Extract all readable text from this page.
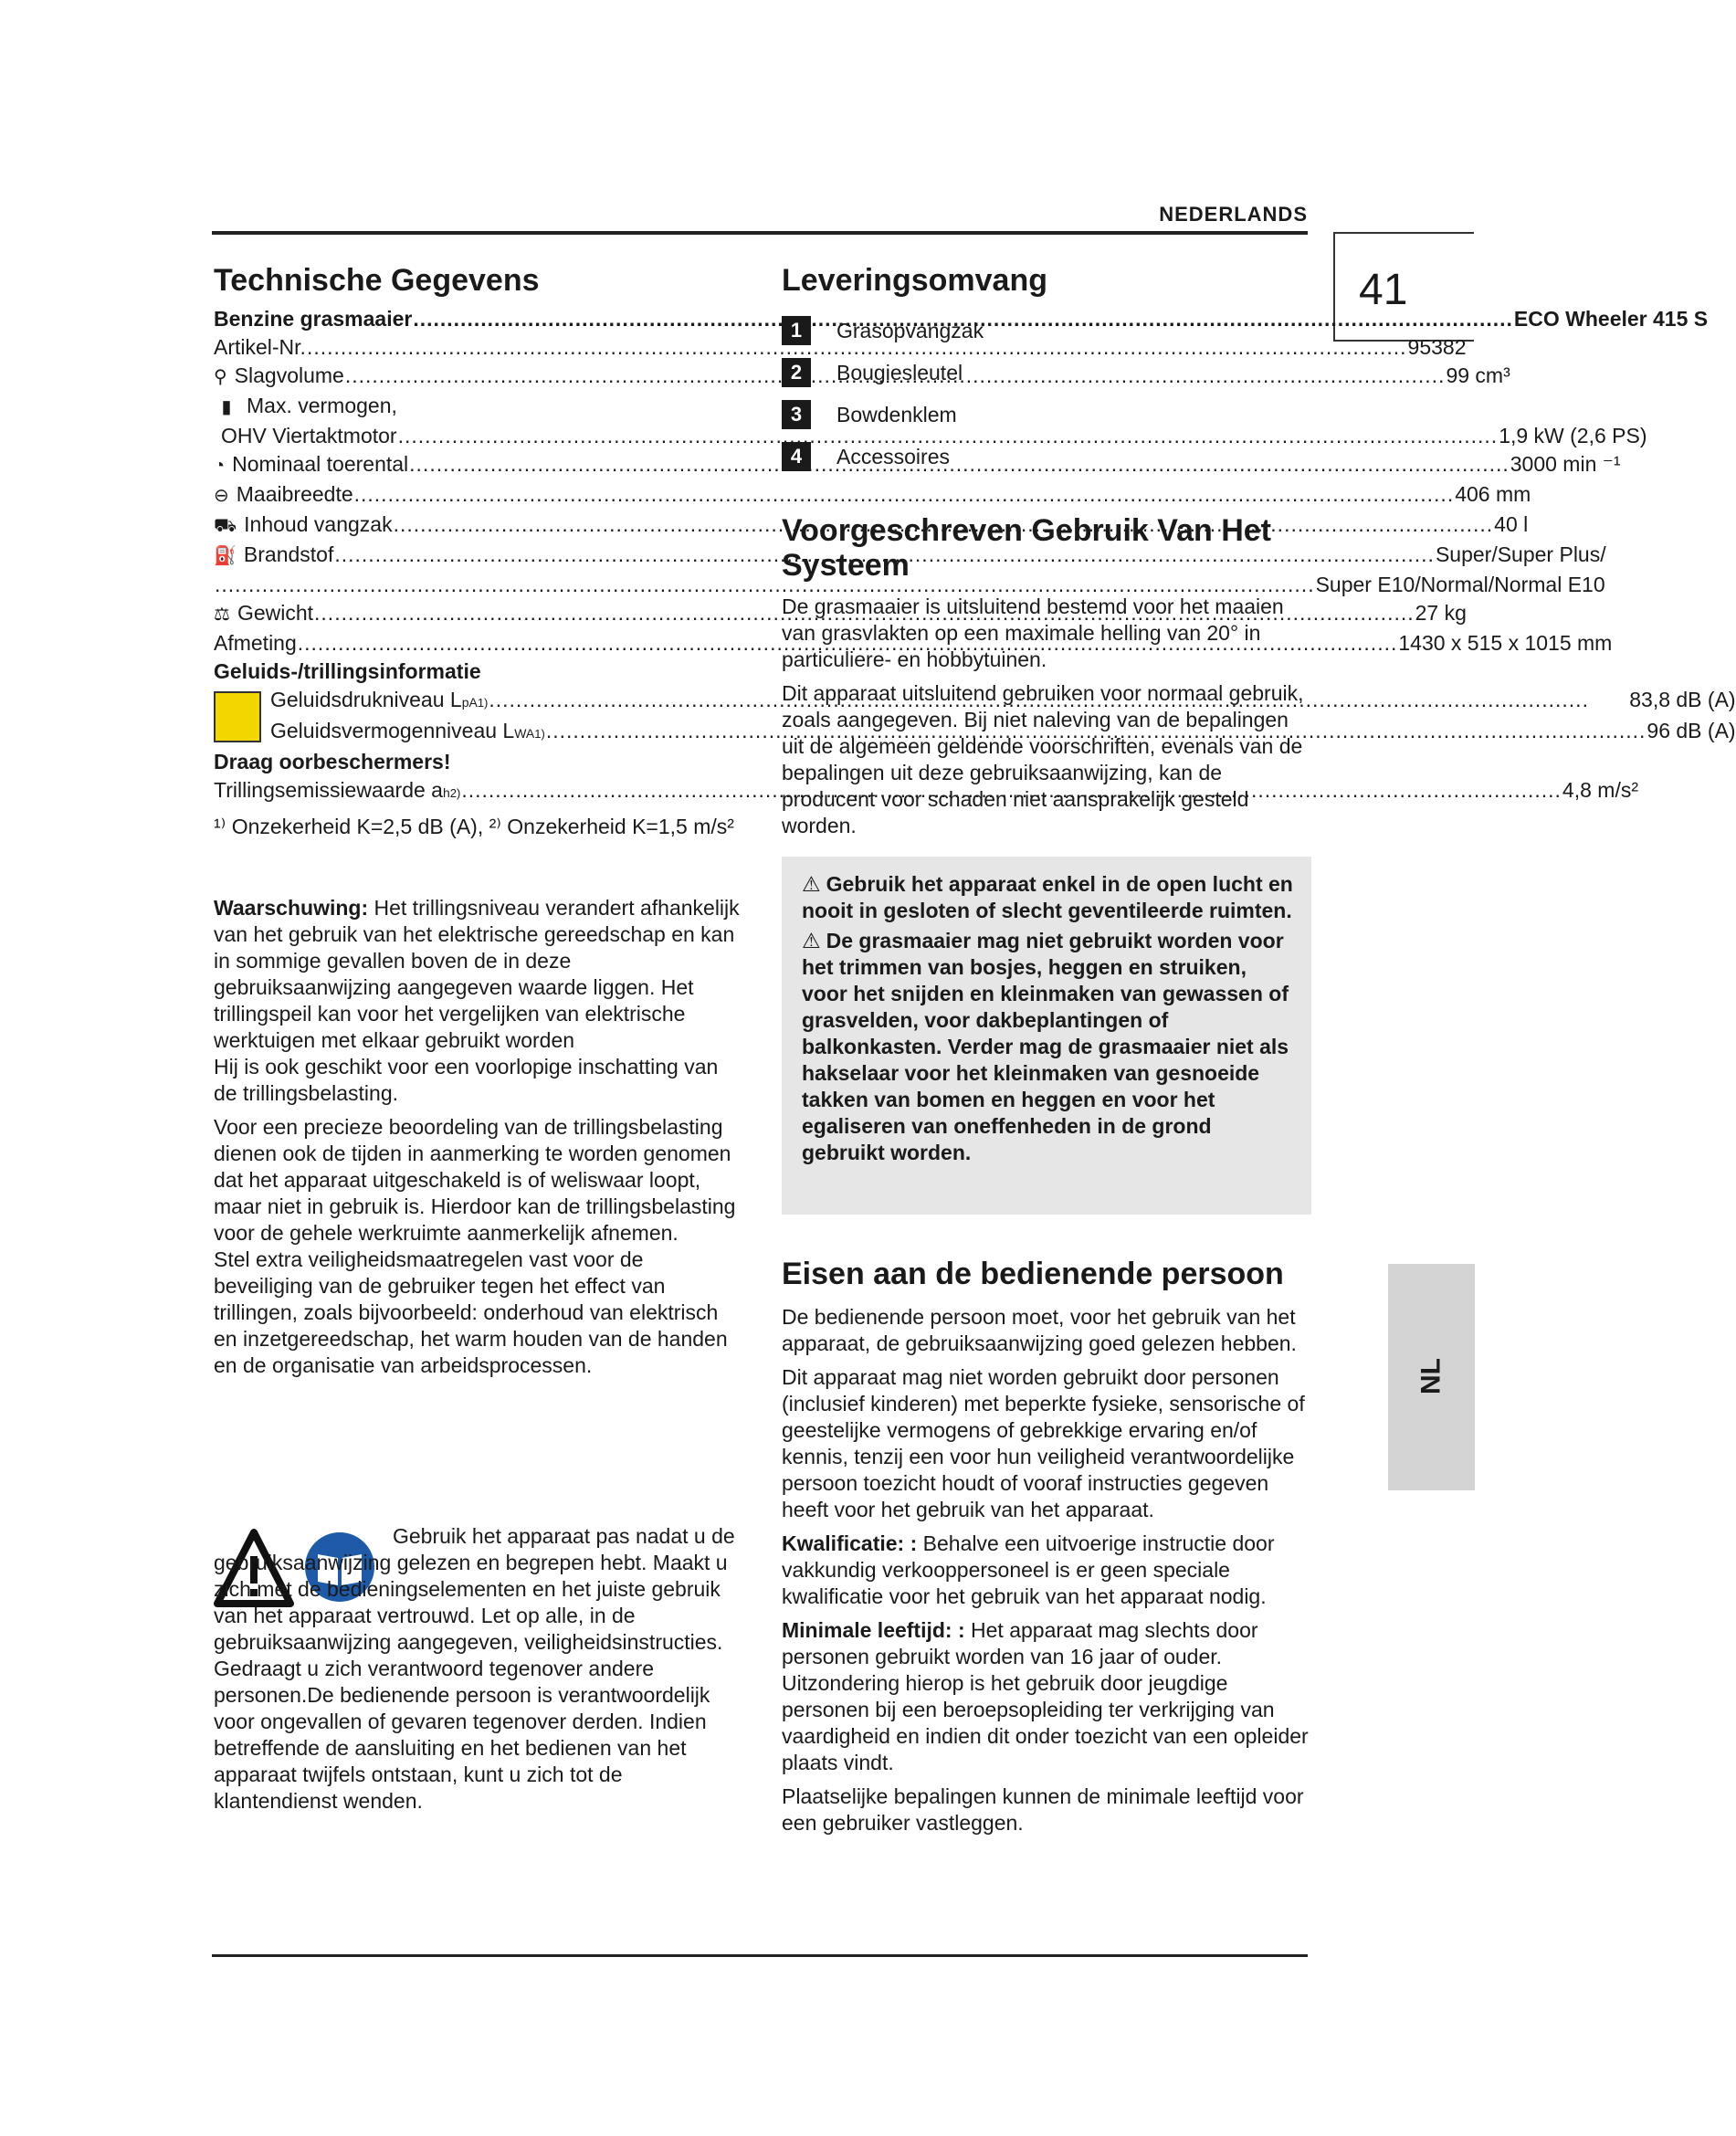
NEDERLANDS
41
NL
Technische Gegevens
Benzine grasmaaier .....	ECO Wheeler 415 S
Artikel-Nr. .....	95382
⚲ Slagvolume .....	99 cm³
▮ Max. vermogen,
OHV Viertaktmotor .....	1,9 kW (2,6 PS)
◔ Nominaal toerental .....	3000 min ⁻¹
⊖ Maaibreedte .....	406 mm
⛟ Inhoud vangzak .....	40 l
⛽ Brandstof .....	Super/Super Plus/
.....
Super E10/Normal/Normal E10
⚖ Gewicht .....	27 kg
Afmeting .....	1430 x 515 x 1015 mm
Geluids-/trillingsinformatie
Geluidsdrukniveau L pA 1) .....	83,8 dB (A)
Geluidsvermogenniveau L WA 1) .....	96 dB (A)
Draag oorbeschermers!
Trillingsemissiewaarde a h 2) .....	4,8 m/s²
¹⁾ Onzekerheid K=2,5 dB (A), ²⁾ Onzekerheid K=1,5 m/s²

Waarschuwing: Het trillingsniveau verandert afhankelijk van het gebruik van het elektrische gereedschap en kan in sommige gevallen boven de in deze gebruiksaanwijzing aangegeven waarde liggen. Het trillingspeil kan voor het vergelijken van elektrische werktuigen met elkaar gebruikt worden

Hij is ook geschikt voor een voorlopige inschatting van de trillingsbelasting.

Voor een precieze beoordeling van de trillingsbelasting dienen ook de tijden in aanmerking te worden genomen dat het apparaat uitgeschakeld is of weliswaar loopt, maar niet in gebruik is. Hierdoor kan de trillingsbelasting voor de gehele werkruimte aanmerkelijk afnemen.

Stel extra veiligheidsmaatregelen vast voor de beveiliging van de gebruiker tegen het effect van trillingen, zoals bijvoorbeeld: onderhoud van elektrisch en inzetgereedschap, het warm houden van de handen en de organisatie van arbeidsprocessen.

Gebruik het apparaat pas nadat u de gebruiksaanwijzing gelezen en begrepen hebt. Maakt u zich met de bedieningselementen en het juiste gebruik van het apparaat vertrouwd. Let op alle, in de gebruiksaanwijzing aangegeven, veiligheidsinstructies. Gedraagt u zich verantwoord tegenover andere personen.De bedienende persoon is verantwoordelijk voor ongevallen of gevaren tegenover derden. Indien betreffende de aansluiting en het bedienen van het apparaat twijfels ontstaan, kunt u zich tot de klantendienst wenden.

Leveringsomvang
1	Grasopvangzak
2	Bougiesleutel
3	Bowdenklem
4	Accessoires
Voorgeschreven Gebruik Van Het Systeem

De grasmaaier is uitsluitend bestemd voor het maaien van grasvlakten op een maximale helling van 20° in particuliere- en hobbytuinen.

Dit apparaat uitsluitend gebruiken voor normaal gebruik, zoals aangegeven. Bij niet naleving van de bepalingen uit de algemeen geldende voorschriften, evenals van de bepalingen uit deze gebruiksaanwijzing, kan de producent voor schaden niet aansprakelijk gesteld worden.

⚠ Gebruik het apparaat enkel in de open lucht en nooit in gesloten of slecht geventileerde ruimten.

⚠ De grasmaaier mag niet gebruikt worden voor het trimmen van bosjes, heggen en struiken, voor het snijden en kleinmaken van gewassen of grasvelden, voor dakbeplantingen of balkonkasten. Verder mag de grasmaaier niet als hakselaar voor het kleinmaken van gesnoeide takken van bomen en heggen en voor het egaliseren van oneffenheden in de grond gebruikt worden.

Eisen aan de bedienende persoon

De bedienende persoon moet, voor het gebruik van het apparaat, de gebruiksaanwijzing goed gelezen hebben.

Dit apparaat mag niet worden gebruikt door personen (inclusief kinderen) met beperkte fysieke, sensorische of geestelijke vermogens of gebrekkige ervaring en/of kennis, tenzij een voor hun veiligheid verantwoordelijke persoon toezicht houdt of vooraf instructies gegeven heeft voor het gebruik van het apparaat.

Kwalificatie: : Behalve een uitvoerige instructie door vakkundig verkooppersoneel is er geen speciale kwalificatie voor het gebruik van het apparaat nodig.

Minimale leeftijd: : Het apparaat mag slechts door personen gebruikt worden van 16 jaar of ouder. Uitzondering hierop is het gebruik door jeugdige personen bij een beroepsopleiding ter verkrijging van vaardigheid en indien dit onder toezicht van een opleider plaats vindt.

Plaatselijke bepalingen kunnen de minimale leeftijd voor een gebruiker vastleggen.
